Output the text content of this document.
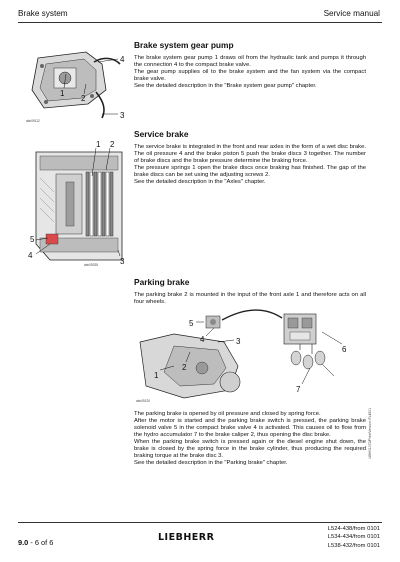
Brake system	Service manual
Brake system gear pump

The brake system gear pump 1 draws oil from the hydraulic tank and pumps it through the connection 4 to the compact brake valve.

The gear pump supplies oil to the brake system and the fan system via the compact brake valve.

See the detailed description in the "Brake system gear pump" chapter.

4
1
2
3
abc09112
Service brake

The service brake is integrated in the front and rear axles in the form of a wet disc brake. The oil pressure 4 and the brake piston 5 push the brake discs 3 together. The number of brake discs and the brake pressure determine the braking force.

The pressure springs 1 open the brake discs once braking has finished. The gap of the brake discs can be set using the adjusting screws 2.

See the detailed description in the "Axles" chapter.

1 2
5
4
3
abc09335
Parking brake

The parking brake 2 is mounted in the input of the front axle 1 and therefore acts on all four wheels.

5
4	3
2
1
6
7
abc09120

The parking brake is opened by oil pressure and closed by spring force.

After the motor is started and the parking brake switch is pressed, the parking brake solenoid valve 5 in the compact brake valve 4 is activated. This causes oil to flow from the hydro accumulator 7 to the brake caliper 2, thus opening the disc brake.

When the parking brake switch is pressed again or the diesel engine shut down, the brake is closed by the spring force in the brake cylinder, thus producing the required braking torque at the brake disc 3.

See the detailed description in the "Parking brake" chapter.

LBH/01072/Print/Version: FL4501
9.0 - 6 of 6	LIEBHERR
L524-438/from 0101
L534-434/from 0101
L538-432/from 0101
